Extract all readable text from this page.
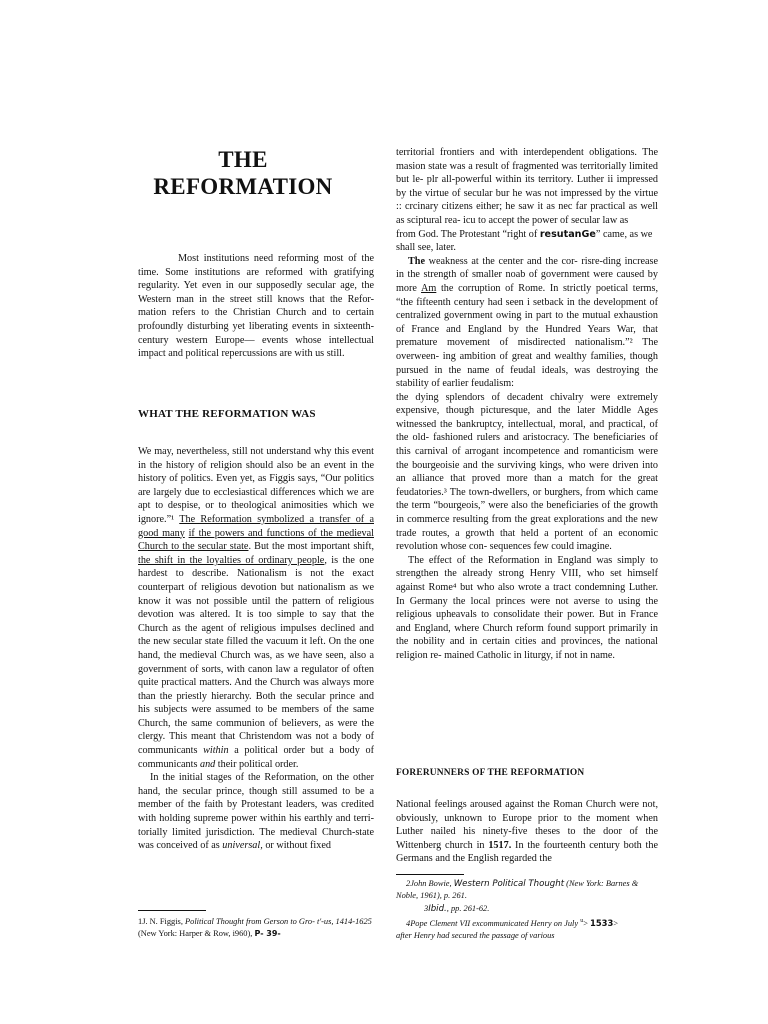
THE
REFORMATION

Most institutions need reforming most of the time. Some institutions are reformed with gratifying regularity. Yet even in our supposedly secular age, the Western man in the street still knows that the Refor- mation refers to the Christian Church and to certain profoundly disturbing yet liberating events in sixteenth- century western Europe— events whose intellectual impact and political repercussions are with us still.

WHAT THE REFORMATION WAS

We may, nevertheless, still not understand why this event in the history of religion should also be an event in the history of politics. Even yet, as Figgis says, “Our politics are largely due to ecclesiastical differences which we are apt to despise, or to theological animosities which we ignore.”¹ The Reformation symbolized a transfer of a good many if the powers and functions of the medieval Church to the secular state. But the most important shift, the shift in the loyalties of ordinary people, is the one hardest to describe. Nationalism is not the exact counterpart of religious devotion but nationalism as we know it was not possible until the pattern of religious devotion was altered. It is too simple to say that the Church as the agent of religious impulses declined and the new secular state filled the vacuum it left. On the one hand, the medieval Church was, as we have seen, also a government of sorts, with canon law a regulator of often quite practical matters. And the Church was always more than the priestly hierarchy. Both the secular prince and his subjects were assumed to be members of the same Church, the same communion of believers, as were the clergy. This meant that Christendom was not a body of communicants within a political order but a body of communicants and their political order.

In the initial stages of the Reformation, on the other hand, the secular prince, though still assumed to be a member of the faith by Protestant leaders, was credited with holding supreme power within his earthly and terri- torially limited jurisdiction. The medieval Church-state was conceived of as universal, or without fixed

1J. N. Figgis, Political Thought from Gerson to Gro- t'-us, 1414-1625 (New York: Harper & Row, i960), P- 39-

territorial frontiers and with interdependent obligations. The masion state was a result of fragmented was territorially limited but le- plr all-powerful within its territory. Luther ii impressed by the virtue of secular bur he was not impressed by the virtue :: crcinary citizens either; he saw it as nec far practical as well as sciptural rea- icu to accept the power of secular law as

from God. The Protestant “right of resutanGe” came, as we shall see, later.

The weakness at the center and the cor- risre-ding increase in the strength of smaller noab of government were caused by more Am the corruption of Rome. In strictly poetical terms, “the fifteenth century had seen i setback in the development of centralized government owing in part to the mutual exhaustion of France and England by the Hundred Years War, that premature movement of misdirected nationalism.”² The overween- ing ambition of great and wealthy families, though pursued in the name of feudal ideals, was destroying the stability of earlier feudalism:

the dying splendors of decadent chivalry were extremely expensive, though picturesque, and the later Middle Ages witnessed the bankruptcy, intellectual, moral, and practical, of the old- fashioned rulers and aristocracy. The beneficiaries of this carnival of arrogant incompetence and romanticism were the bourgeoisie and the surviving kings, who were driven into an alliance that proved more than a match for the great feudatories.³ The town-dwellers, or burghers, from which came the term “bourgeois,” were also the beneficiaries of the growth in commerce resulting from the great explorations and the new trade routes, a growth that held a portent of an economic revolution whose con- sequences few could imagine.

The effect of the Reformation in England was simply to strengthen the already strong Henry VIII, who set himself against Rome⁴ but who also wrote a tract condemning Luther. In Germany the local princes were not averse to using the religious upheavals to consolidate their power. But in France and England, where Church reform found support primarily in the nobility and in certain cities and provinces, the national religion re- mained Catholic in liturgy, if not in name.

FORERUNNERS OF THE REFORMATION

National feelings aroused against the Roman Church were not, obviously, unknown to Europe prior to the moment when Luther nailed his ninety-five theses to the door of the Wittenberg church in 1517. In the fourteenth century both the Germans and the English regarded the

2John Bowie, Western Political Thought (New York: Barnes & Noble, 1961), p. 261.
3Ibid., pp. 261-62.
4Pope Clement VII excommunicated Henry on July $^u$> 1533>
after Henry had secured the passage of various
